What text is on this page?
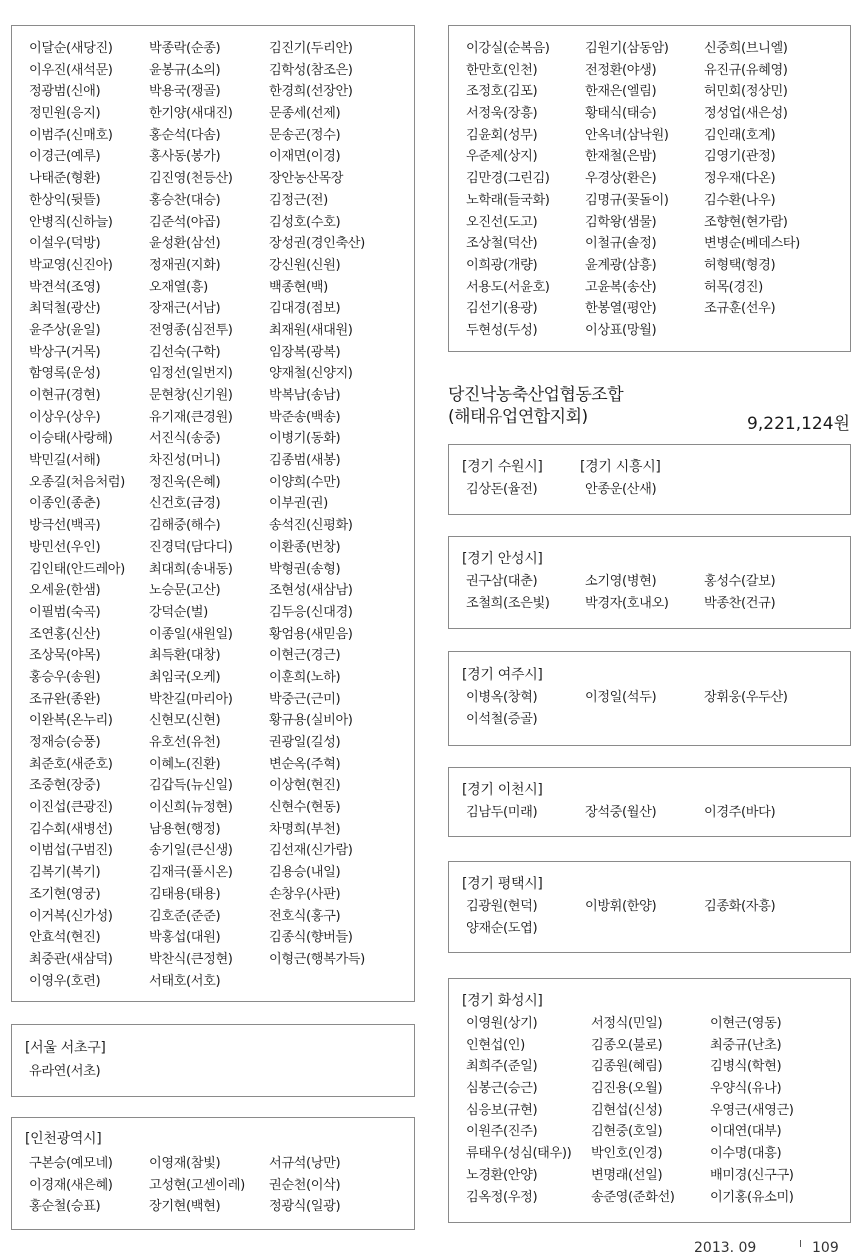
이달순(새당진)	박종락(순종)	김진기(두리안)
이우진(새석문)	윤봉규(소의)	김학성(참조은)
정광범(신애)	박용국(쟁골)	한경희(선장안)
정민원(응지)	한기양(새대진)	문종세(선제)
이범주(신매호)	홍순석(다솜)	문송곤(정수)
이경근(예루)	홍사동(봉가)	이재면(이경)
나태준(형환)	김진영(천등산)	장안농산목장
한상익(뒷뜰)	홍승찬(대승)	김정근(전)
안병직(신하늘)	김준석(야곱)	김성호(수호)
이설우(덕방)	윤성환(삼선)	장성권(경인축산)
박교영(신진아)	정재권(지화)	강신원(신원)
박견석(조영)	오재열(흥)	백종현(백)
최덕철(광산)	장재근(서남)	김대경(점보)
윤주상(윤일)	전영종(심전투)	최재원(새대원)
박상구(거목)	김선숙(구학)	임장복(광복)
함영록(운성)	임정선(일번지)	양재철(신양지)
이현규(경현)	문현창(신기원)	박복남(송남)
이상우(상우)	유기재(큰경원)	박준송(백송)
이승태(사랑해)	서진식(송중)	이병기(동화)
박민길(서해)	차진성(머니)	김종범(새봉)
오종길(처음처럼)	정진욱(은혜)	이양희(수만)
이종인(종춘)	신건호(금경)	이부권(권)
방극선(백곡)	김해중(해수)	송석진(신평화)
방민선(우인)	진경덕(담다디)	이환종(번창)
김인태(안드레아)	최대희(송내동)	박형권(송형)
오세윤(한샘)	노승문(고산)	조현성(새삼남)
이필범(숙곡)	강덕순(벌)	김두응(신대경)
조연홍(신산)	이종일(새원일)	황엄용(새믿음)
조상묵(야목)	최득환(대창)	이현근(경근)
홍승우(송원)	최임국(오케)	이훈희(노하)
조규완(종완)	박찬길(마리아)	박중근(근미)
이완복(온누리)	신현모(신현)	황규용(실비아)
정재승(승풍)	유호선(유천)	권광일(길성)
최준호(새준호)	이혜노(진환)	변순옥(주혁)
조중현(장중)	김갑득(뉴신일)	이상현(현진)
이진섭(큰광진)	이신희(뉴정현)	신현수(현동)
김수회(새병선)	남용현(행정)	차명희(부천)
이범섭(구범진)	송기일(큰신생)	김선재(신가람)
김복기(복기)	김재극(풀시온)	김용승(내일)
조기현(영궁)	김태용(태용)	손창우(사판)
이거복(신가성)	김호준(준준)	전호식(홍구)
안효석(현진)	박홍섭(대원)	김종식(향버들)
최중관(새삼덕)	박찬식(큰정현)	이형근(행복가득)
이영우(호련)	서태호(서호)
[서울 서초구]
유라연(서초)
[인천광역시]
구본승(예모네)	이영재(참빛)	서규석(낭만)
이경재(새은혜)	고성현(고센이레)	권순천(이삭)
홍순철(승표)	장기현(백현)	정광식(일광)
이강실(순복음)	김원기(삼동암)	신중희(브니엘)
한만호(인천)	전정환(야생)	유진규(유혜영)
조정호(김포)	한재은(엘림)	허민회(정상민)
서정욱(장흥)	황태식(태승)	정성업(새은성)
김윤회(성무)	안옥녀(삼낙원)	김인래(호계)
우준제(상지)	한재철(은밤)	김영기(관정)
김만경(그린김)	우경상(환은)	정우재(다온)
노학래(들국화)	김명규(꽃돌이)	김수환(나우)
오진선(도고)	김학왕(샘물)	조향현(현가람)
조상철(덕산)	이철규(솔정)	변병순(베데스타)
이희광(개량)	윤계광(삼흥)	허형택(형경)
서용도(서윤호)	고윤복(송산)	허목(경진)
김선기(용광)	한봉열(평안)	조규훈(선우)
두현성(두성)	이상표(망월)
당진낙농축산업협동조합
(해태유업연합지회)	9,221,124원
[경기 수원시]	[경기 시흥시]
김상돈(율전)	안종운(산새)
[경기 안성시]
권구삼(대춘)	소기영(병현)	홍성수(갈보)
조철희(조은빛)	박경자(호내오)	박종찬(건규)
[경기 여주시]
이병옥(창혁)	이정일(석두)	장휘웅(우두산)
이석철(증골)
[경기 이천시]
김남두(미래)	장석중(월산)	이경주(바다)
[경기 평택시]
김광원(현덕)	이방휘(한양)	김종화(자흥)
양재순(도엽)
[경기 화성시]
이영원(상기)	서정식(민일)	이현근(영동)
인현섭(인)	김종오(불로)	최중규(난초)
최희주(준일)	김종원(혜림)	김병식(학현)
심봉근(승근)	김진용(오월)	우양식(유나)
심응보(규현)	김현섭(신성)	우영근(새영근)
이원주(진주)	김현중(호일)	이대연(대부)
류태우(성심(태우))	박인호(인경)	이수명(대흥)
노경환(안양)	변명래(선일)	배미경(신구구)
김옥정(우정)	송준영(준화선)	이기홍(유소미)
2013. 09	109
